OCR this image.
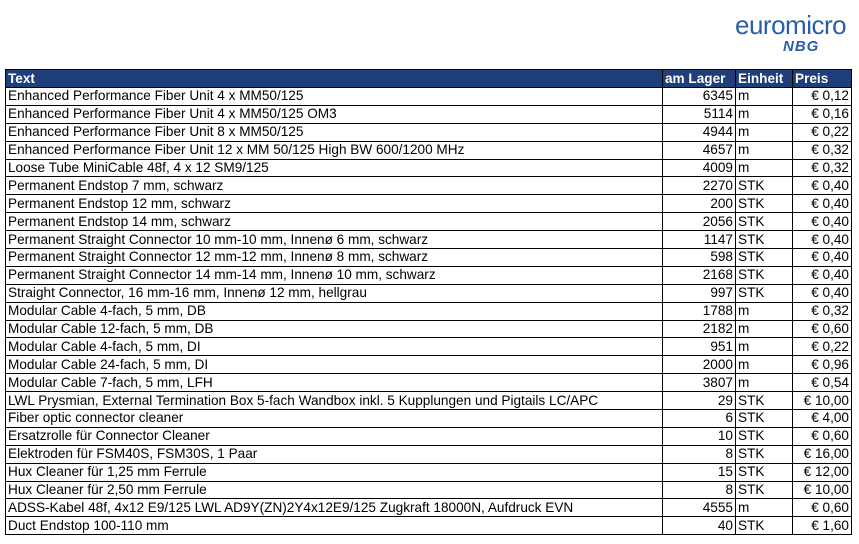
euromicro
NBG
Text	am Lager	Einheit	Preis
Enhanced Performance Fiber Unit 4 x MM50/125	6345	m	€ 0,12
Enhanced Performance Fiber Unit 4 x MM50/125 OM3	5114	m	€ 0,16
Enhanced Performance Fiber Unit 8 x MM50/125	4944	m	€ 0,22
Enhanced Performance Fiber Unit 12 x MM 50/125 High BW 600/1200 MHz	4657	m	€ 0,32
Loose Tube MiniCable 48f, 4 x 12 SM9/125	4009	m	€ 0,32
Permanent Endstop 7 mm, schwarz	2270	STK	€ 0,40
Permanent Endstop 12 mm, schwarz	200	STK	€ 0,40
Permanent Endstop 14 mm, schwarz	2056	STK	€ 0,40
Permanent Straight Connector 10 mm-10 mm, Innenø 6 mm, schwarz	1147	STK	€ 0,40
Permanent Straight Connector 12 mm-12 mm, Innenø 8 mm, schwarz	598	STK	€ 0,40
Permanent Straight Connector 14 mm-14 mm, Innenø 10 mm, schwarz	2168	STK	€ 0,40
Straight Connector, 16 mm-16 mm, Innenø 12 mm, hellgrau	997	STK	€ 0,40
Modular Cable 4-fach, 5 mm, DB	1788	m	€ 0,32
Modular Cable 12-fach, 5 mm, DB	2182	m	€ 0,60
Modular Cable 4-fach, 5 mm, DI	951	m	€ 0,22
Modular Cable 24-fach, 5 mm, DI	2000	m	€ 0,96
Modular Cable 7-fach, 5 mm, LFH	3807	m	€ 0,54
LWL Prysmian, External Termination Box 5-fach Wandbox inkl. 5 Kupplungen und Pigtails LC/APC	29	STK	€ 10,00
Fiber optic connector cleaner	6	STK	€ 4,00
Ersatzrolle für Connector Cleaner	10	STK	€ 0,60
Elektroden für FSM40S, FSM30S, 1 Paar	8	STK	€ 16,00
Hux Cleaner für 1,25 mm Ferrule	15	STK	€ 12,00
Hux Cleaner für 2,50 mm Ferrule	8	STK	€ 10,00
ADSS-Kabel 48f, 4x12 E9/125 LWL AD9Y(ZN)2Y4x12E9/125 Zugkraft 18000N, Aufdruck EVN	4555	m	€ 0,60
Duct Endstop 100-110 mm	40	STK	€ 1,60
